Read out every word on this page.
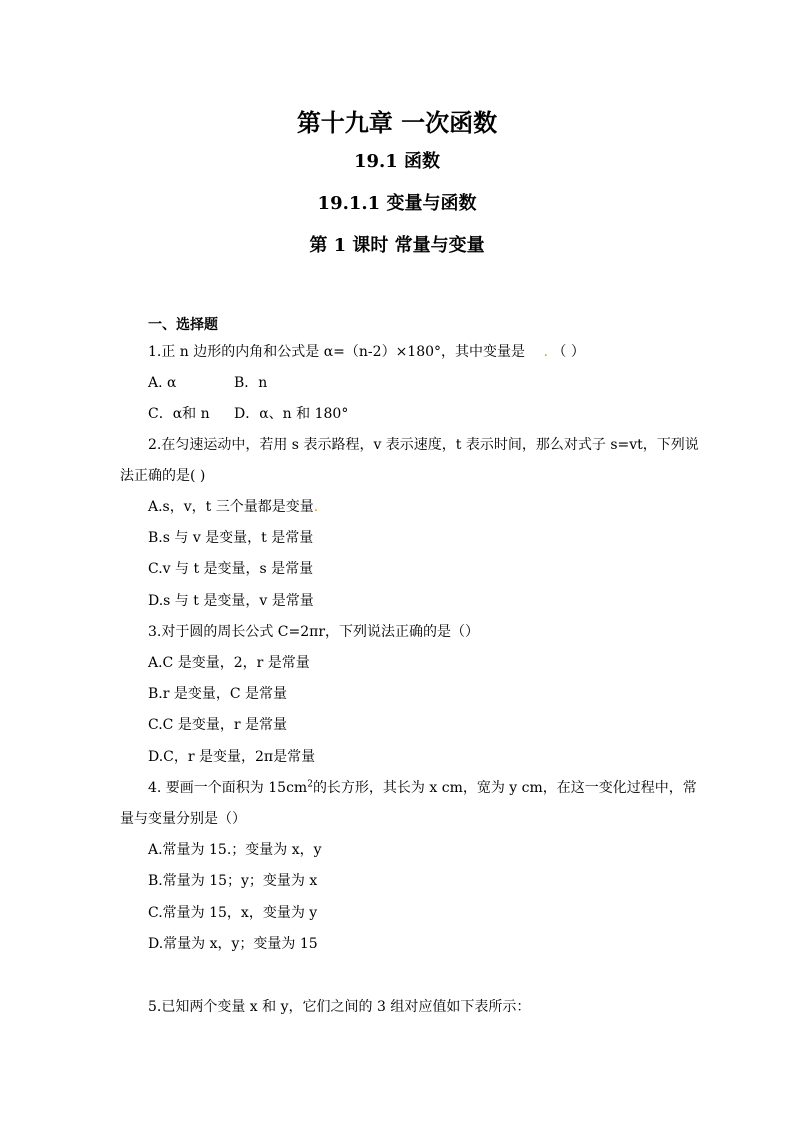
第十九章 一次函数
19.1 函数
19.1.1 变量与函数
第 1 课时 常量与变量
一、选择题
1.正 n 边形的内角和公式是 α=（n-2）×180°，其中变量是 . （ ）
A. α	B．n
C．α和 n D．α、n 和 180°
2.在匀速运动中，若用 s 表示路程，v 表示速度，t 表示时间，那么对式子 s=vt，下列说
法正确的是( )
A.s，v，t 三个量都是变量.
B.s 与 v 是变量，t 是常量
C.v 与 t 是变量，s 是常量
D.s 与 t 是变量，v 是常量
3.对于圆的周长公式 C=2πr，下列说法正确的是（）
A.C 是变量，2，r 是常量
B.r 是变量，C 是常量
C.C 是变量，r 是常量
D.C，r 是变量，2π是常量
4. 要画一个面积为 $15cm^2$的长方形，其长为 x cm，宽为 y cm，在这一变化过程中，常
量与变量分别是（）
A.常量为 15.；变量为 x，y
B.常量为 15；y；变量为 x
C.常量为 15，x，变量为 y
D.常量为 x，y；变量为 15
5.已知两个变量 x 和 y，它们之间的 3 组对应值如下表所示：
